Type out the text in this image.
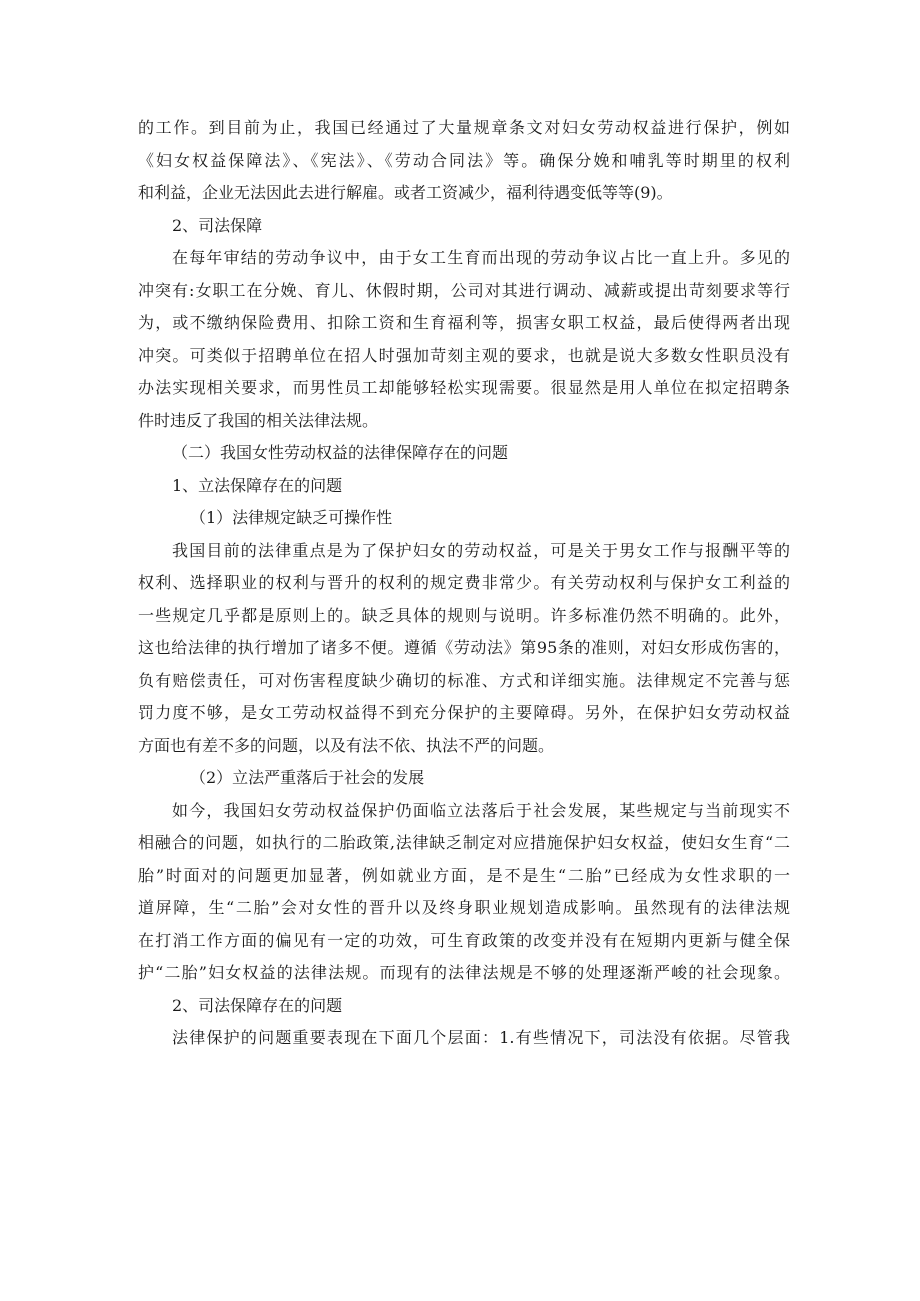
的工作。到目前为止，我国已经通过了大量规章条文对妇女劳动权益进行保护，例如
《妇女权益保障法》、《宪法》、《劳动合同法》等。确保分娩和哺乳等时期里的权利
和利益，企业无法因此去进行解雇。或者工资减少，福利待遇变低等等(9)。
2、司法保障
在每年审结的劳动争议中，由于女工生育而出现的劳动争议占比一直上升。多见的
冲突有:女职工在分娩、育儿、休假时期，公司对其进行调动、减薪或提出苛刻要求等行
为，或不缴纳保险费用、扣除工资和生育福利等，损害女职工权益，最后使得两者出现
冲突。可类似于招聘单位在招人时强加苛刻主观的要求，也就是说大多数女性职员没有
办法实现相关要求，而男性员工却能够轻松实现需要。很显然是用人单位在拟定招聘条
件时违反了我国的相关法律法规。
（二）我国女性劳动权益的法律保障存在的问题
1、立法保障存在的问题
（1）法律规定缺乏可操作性
我国目前的法律重点是为了保护妇女的劳动权益，可是关于男女工作与报酬平等的
权利、选择职业的权利与晋升的权利的规定费非常少。有关劳动权利与保护女工利益的
一些规定几乎都是原则上的。缺乏具体的规则与说明。许多标准仍然不明确的。此外，
这也给法律的执行增加了诸多不便。遵循《劳动法》第95条的准则，对妇女形成伤害的，
负有赔偿责任，可对伤害程度缺少确切的标准、方式和详细实施。法律规定不完善与惩
罚力度不够，是女工劳动权益得不到充分保护的主要障碍。另外，在保护妇女劳动权益
方面也有差不多的问题，以及有法不依、执法不严的问题。
（2）立法严重落后于社会的发展
如今，我国妇女劳动权益保护仍面临立法落后于社会发展，某些规定与当前现实不
相融合的问题，如执行的二胎政策,法律缺乏制定对应措施保护妇女权益，使妇女生育“二
胎”时面对的问题更加显著，例如就业方面，是不是生“二胎”已经成为女性求职的一
道屏障，生“二胎”会对女性的晋升以及终身职业规划造成影响。虽然现有的法律法规
在打消工作方面的偏见有一定的功效，可生育政策的改变并没有在短期内更新与健全保
护“二胎”妇女权益的法律法规。而现有的法律法规是不够的处理逐渐严峻的社会现象。
2、司法保障存在的问题
法律保护的问题重要表现在下面几个层面：1.有些情况下，司法没有依据。尽管我
